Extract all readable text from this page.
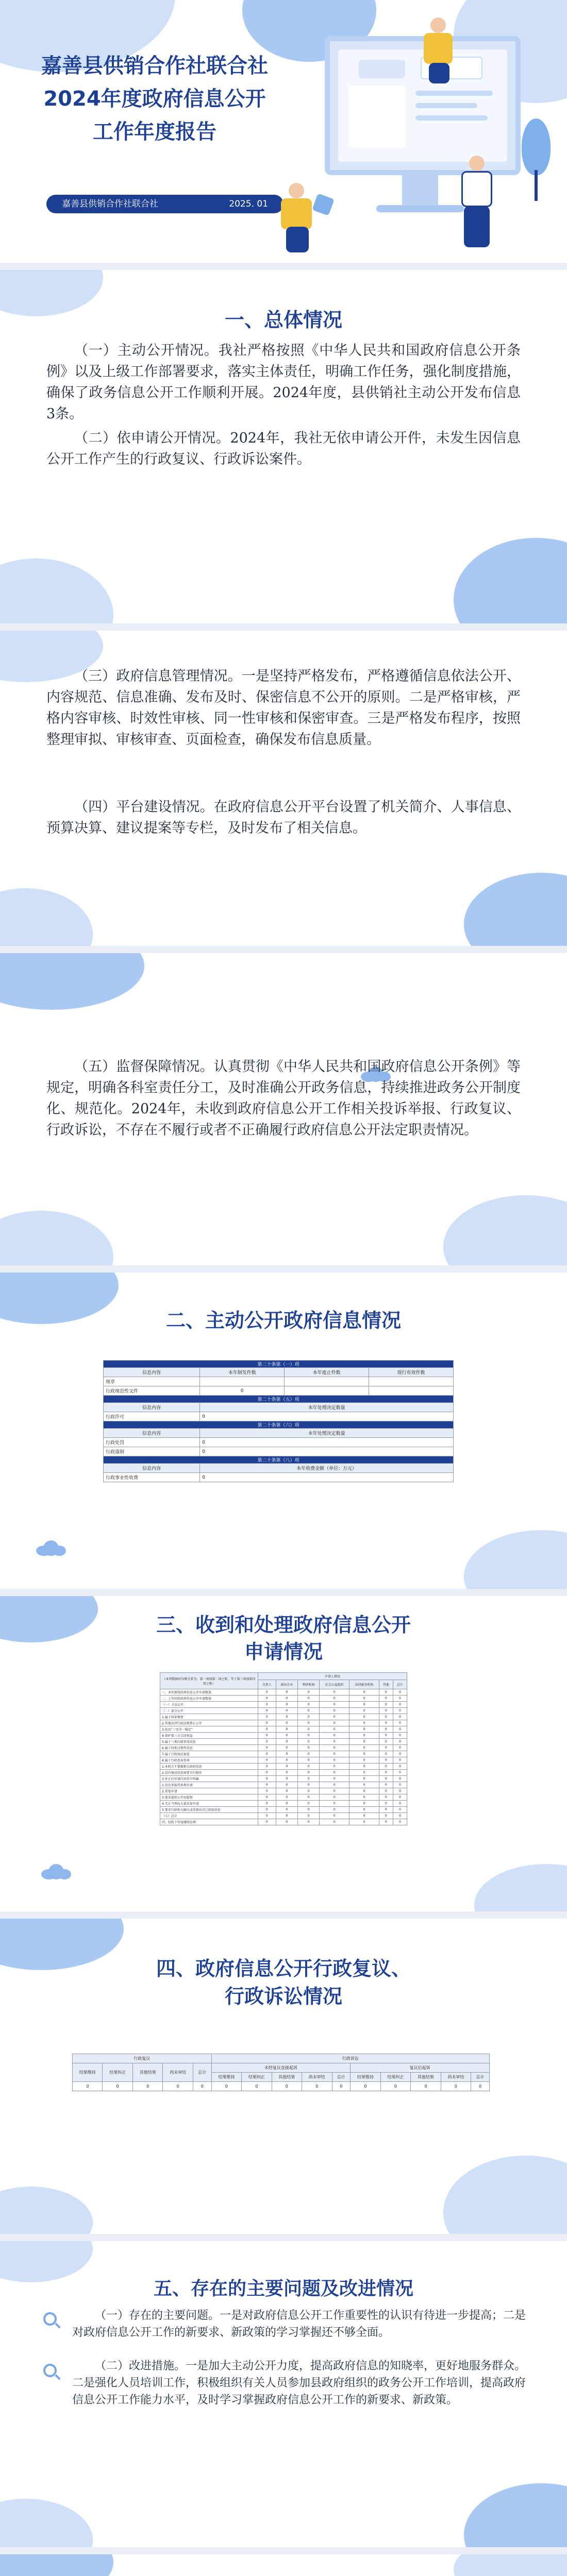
嘉善县供销合作社联合社
2024年度政府信息公开
工作年度报告
嘉善县供销合作社联合社	2025. 01
一、总体情况
（一）主动公开情况。我社严格按照《中华人民共和国政府信息公开条例》以及上级工作部署要求，落实主体责任，明确工作任务，强化制度措施，确保了政务信息公开工作顺利开展。2024年度，县供销社主动公开发布信息3条。
（二）依申请公开情况。2024年，我社无依申请公开件，未发生因信息公开工作产生的行政复议、行政诉讼案件。
（三）政府信息管理情况。一是坚持严格发布，严格遵循信息依法公开、内容规范、信息准确、发布及时、保密信息不公开的原则。二是严格审核，严格内容审核、时效性审核、同一性审核和保密审查。三是严格发布程序，按照整理审拟、审核审查、页面检查，确保发布信息质量。
（四）平台建设情况。在政府信息公开平台设置了机关简介、人事信息、预算决算、建议提案等专栏，及时发布了相关信息。
（五）监督保障情况。认真贯彻《中华人民共和国政府信息公开条例》等规定，明确各科室责任分工，及时准确公开政务信息，持续推进政务公开制度化、规范化。2024年，未收到政府信息公开工作相关投诉举报、行政复议、行政诉讼，不存在不履行或者不正确履行政府信息公开法定职责情况。
二、主动公开政府信息情况
第二十条第（一）项			
信息内容	本年制发件数	本年废止件数	现行有效件数
规章			
行政规范性文件	0		
第二十条第（五）项			
信息内容	本年处理决定数量		
行政许可	0		
第二十条第（六）项			
信息内容	本年处理决定数量		
行政处罚	0		
行政强制	0		
第二十条第（八）项			
信息内容	本年收费金额（单位：万元）		
行政事业性收费	0		
三、收到和处理政府信息公开
申请情况
（本列数据的勾稽关系为：第一项加第二项之和，等于第三项加第四项之和）	申请人情况						
	自然人	商业企业	科研机构	社会公益组织	法律服务机构	其他	总计
一、本年新收政府信息公开申请数量	0	0	0	0	0	0	0
二、上年结转政府信息公开申请数量	0	0	0	0	0	0	0
（一）予以公开	0	0	0	0	0	0	0
（二）部分公开	0	0	0	0	0	0	0
1.属于国家秘密	0	0	0	0	0	0	0
2.其他法律行政法规禁止公开	0	0	0	0	0	0	0
3.危及“三安全一稳定”	0	0	0	0	0	0	0
4.保护第三方合法权益	0	0	0	0	0	0	0
5.属于三类内部事务信息	0	0	0	0	0	0	0
6.属于四类过程性信息	0	0	0	0	0	0	0
7.属于行政执法案卷	0	0	0	0	0	0	0
8.属于行政查询事项	0	0	0	0	0	0	0
1.本机关不掌握相关政府信息	0	0	0	0	0	0	0
2.没有现成信息需要另行制作	0	0	0	0	0	0	0
3.补正后申请内容仍不明确	0	0	0	0	0	0	0
1.信访举报投诉类申请	0	0	0	0	0	0	0
2.重复申请	0	0	0	0	0	0	0
3.要求提供公开出版物	0	0	0	0	0	0	0
4.无正当理由大量反复申请	0	0	0	0	0	0	0
5.要求行政机关确认或重新出具已获取信息	0	0	0	0	0	0	0
（七）总计	0	0	0	0	0	0	0
四、结转下年度继续办理	0	0	0	0	0	0	0
四、政府信息公开行政复议、
行政诉讼情况
行政复议					行政诉讼									
结果维持	结果纠正	其他结果	尚未审结	总计	未经复议直接起诉					复议后起诉				
					结果维持	结果纠正	其他结果	尚未审结	总计	结果维持	结果纠正	其他结果	尚未审结	总计
0	0	0	0	0	0	0	0	0	0	0	0	0	0	0
五、存在的主要问题及改进情况
（一）存在的主要问题。一是对政府信息公开工作重要性的认识有待进一步提高；二是对政府信息公开工作的新要求、新政策的学习掌握还不够全面。
（二）改进措施。一是加大主动公开力度，提高政府信息的知晓率，更好地服务群众。二是强化人员培训工作，积极组织有关人员参加县政府组织的政务公开工作培训，提高政府信息公开工作能力水平，及时学习掌握政府信息公开工作的新要求、新政策。
